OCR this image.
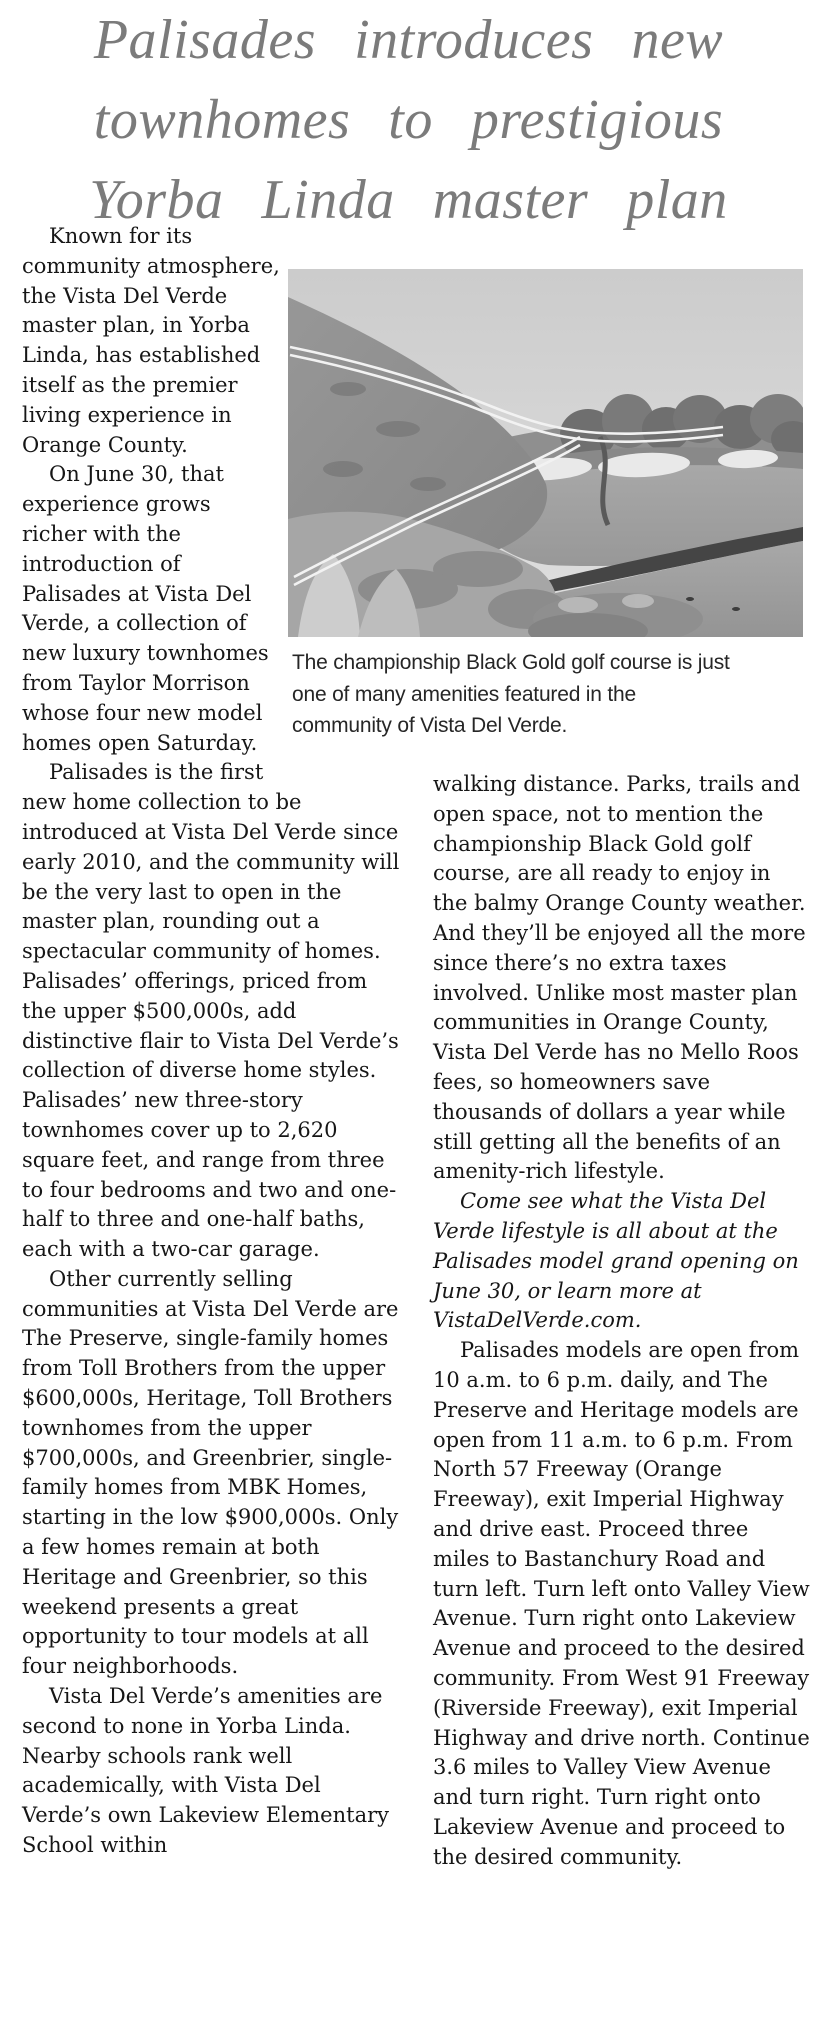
Palisades introduces new
townhomes to prestigious
Yorba Linda master plan
The championship Black Gold golf course is just
one of many amenities featured in the
community of Vista Del Verde.

Known for its community atmosphere, the Vista Del Verde master plan, in Yorba Linda, has established itself as the premier living experience in Orange County.

On June 30, that experience grows richer with the introduction of Palisades at Vista Del Verde, a collection of new luxury townhomes from Taylor Morrison whose four new model homes open Saturday.

Palisades is the first new home collection to be introduced at Vista Del Verde since early 2010, and the community will be the very last to open in the master plan, rounding out a spectacular community of homes. Palisades’ offerings, priced from the upper $500,000s, add distinctive flair to Vista Del Verde’s collection of diverse home styles. Palisades’ new three-story townhomes cover up to 2,620 square feet, and range from three to four bedrooms and two and one-half to three and one-half baths, each with a two-car garage.

Other currently selling communities at Vista Del Verde are The Preserve, single-family homes from Toll Brothers from the upper $600,000s, Heritage, Toll Brothers townhomes from the upper $700,000s, and Greenbrier, single-family homes from MBK Homes, starting in the low $900,000s. Only a few homes remain at both Heritage and Greenbrier, so this weekend presents a great opportunity to tour models at all four neighborhoods.

Vista Del Verde’s amenities are second to none in Yorba Linda. Nearby schools rank well academically, with Vista Del Verde’s own Lakeview Elementary School within

walking distance. Parks, trails and open space, not to mention the championship Black Gold golf course, are all ready to enjoy in the balmy Orange County weather. And they’ll be enjoyed all the more since there’s no extra taxes involved. Unlike most master plan communities in Orange County, Vista Del Verde has no Mello Roos fees, so homeowners save thousands of dollars a year while still getting all the benefits of an amenity-rich lifestyle.

Come see what the Vista Del Verde lifestyle is all about at the Palisades model grand opening on June 30, or learn more at VistaDelVerde.com.

Palisades models are open from 10 a.m. to 6 p.m. daily, and The Preserve and Heritage models are open from 11 a.m. to 6 p.m. From North 57 Freeway (Orange Freeway), exit Imperial Highway and drive east. Proceed three miles to Bastanchury Road and turn left. Turn left onto Valley View Avenue. Turn right onto Lakeview Avenue and proceed to the desired community. From West 91 Freeway (Riverside Freeway), exit Imperial Highway and drive north. Continue 3.6 miles to Valley View Avenue and turn right. Turn right onto Lakeview Avenue and proceed to the desired community.
